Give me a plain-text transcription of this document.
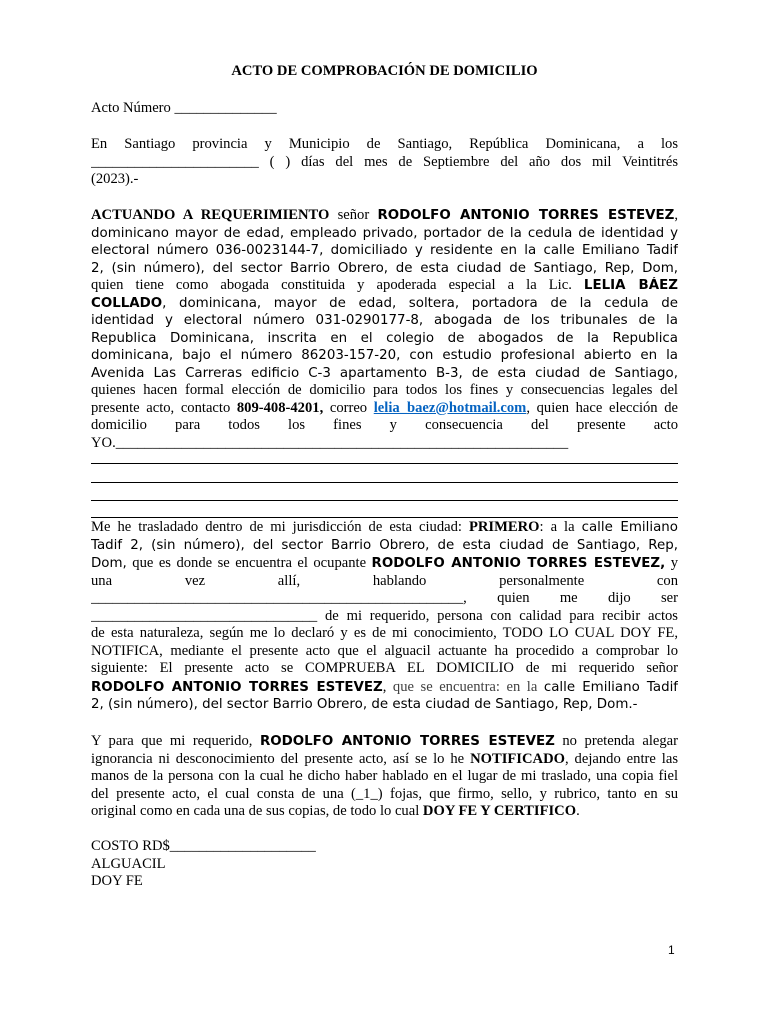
ACTO DE COMPROBACIÓN DE DOMICILIO
Acto Número ______________
En Santiago provincia y Municipio de Santiago, República Dominicana, a los
_______________________ ( ) días del mes de Septiembre del año dos mil Veintitrés
(2023).-
ACTUANDO A REQUERIMIENTO señor RODOLFO ANTONIO TORRES ESTEVEZ,
dominicano mayor de edad, empleado privado, portador de la cedula de identidad y
electoral número 036-0023144-7, domiciliado y residente en la calle Emiliano Tadif
2, (sin número), del sector Barrio Obrero, de esta ciudad de Santiago, Rep, Dom,
quien tiene como abogada constituida y apoderada especial a la Lic. LELIA BÁEZ
COLLADO, dominicana, mayor de edad, soltera, portadora de la cedula de
identidad y electoral número 031-0290177-8, abogada de los tribunales de la
Republica Dominicana, inscrita en el colegio de abogados de la Republica
dominicana, bajo el número 86203-157-20, con estudio profesional abierto en la
Avenida Las Carreras edificio C-3 apartamento B-3, de esta ciudad de Santiago,
quienes hacen formal elección de domicilio para todos los fines y consecuencias legales del
presente acto, contacto 809-408-4201, correo lelia_baez@hotmail.com, quien hace elección de
domicilio para todos los fines y consecuencia del presente acto
YO.______________________________________________________________
Me he trasladado dentro de mi jurisdicción de esta ciudad: PRIMERO: a la calle Emiliano
Tadif 2, (sin número), del sector Barrio Obrero, de esta ciudad de Santiago, Rep,
Dom, que es donde se encuentra el ocupante RODOLFO ANTONIO TORRES ESTEVEZ, y
una vez allí, hablando personalmente con
___________________________________________________, quien me dijo ser
_______________________________ de mi requerido, persona con calidad para recibir actos
de esta naturaleza, según me lo declaró y es de mi conocimiento, TODO LO CUAL DOY FE,
NOTIFICA, mediante el presente acto que el alguacil actuante ha procedido a comprobar lo
siguiente: El presente acto se COMPRUEBA EL DOMICILIO de mi requerido señor
RODOLFO ANTONIO TORRES ESTEVEZ, que se encuentra: en la calle Emiliano Tadif
2, (sin número), del sector Barrio Obrero, de esta ciudad de Santiago, Rep, Dom.-
Y para que mi requerido, RODOLFO ANTONIO TORRES ESTEVEZ no pretenda alegar
ignorancia ni desconocimiento del presente acto, así se lo he NOTIFICADO, dejando entre las
manos de la persona con la cual he dicho haber hablado en el lugar de mi traslado, una copia fiel
del presente acto, el cual consta de una (_1_) fojas, que firmo, sello, y rubrico, tanto en su
original como en cada una de sus copias, de todo lo cual DOY FE Y CERTIFICO.
COSTO RD$____________________
ALGUACIL
DOY FE
1
